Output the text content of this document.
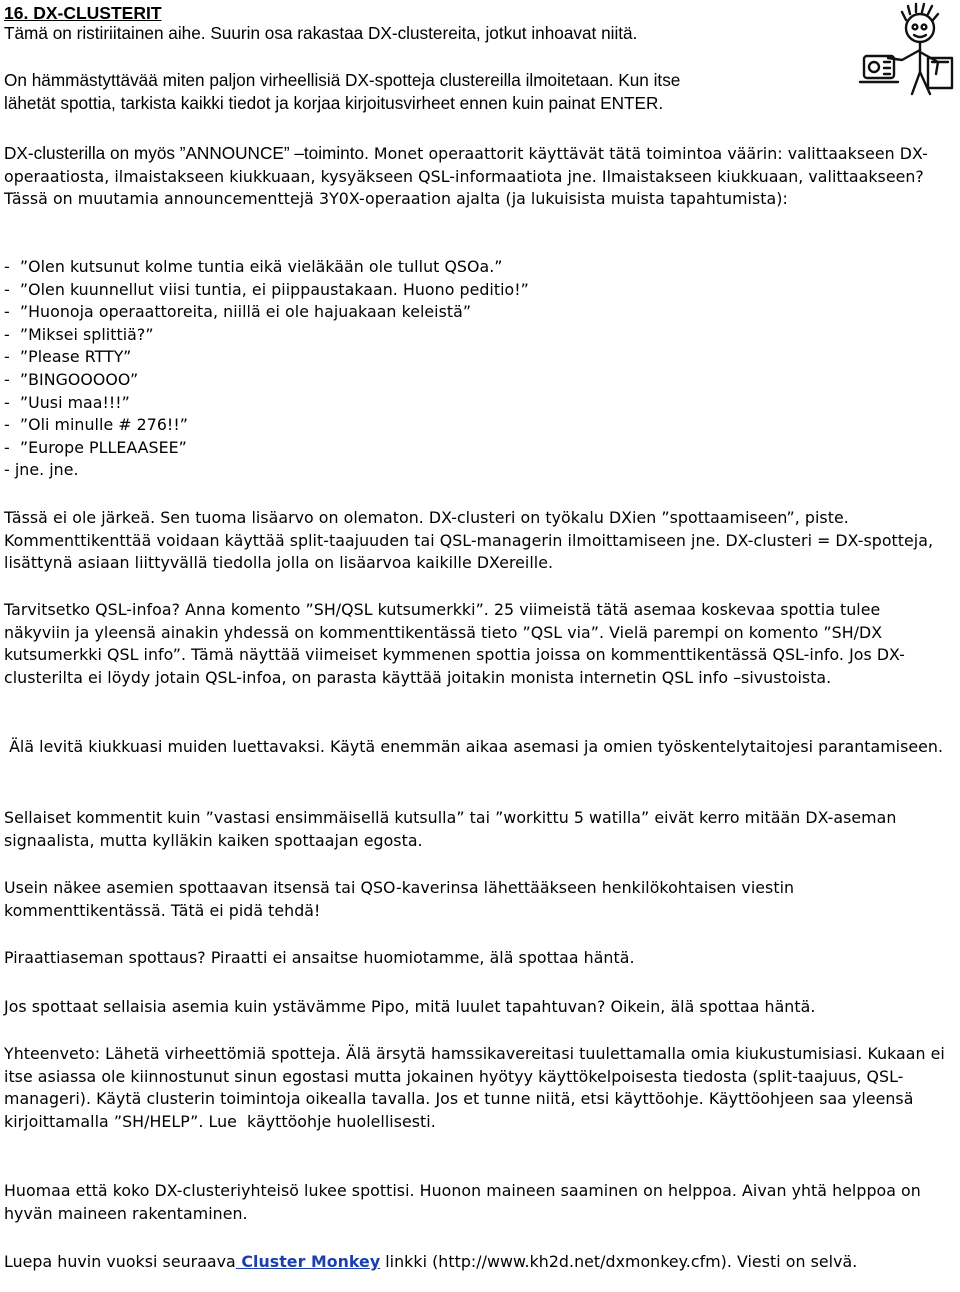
16. DX-CLUSTERIT

Tämä on ristiriitainen aihe. Suurin osa rakastaa DX-clustereita, jotkut inhoavat niitä.

On hämmästyttävää miten paljon virheellisiä DX-spotteja clustereilla ilmoitetaan. Kun itse

lähetät spottia, tarkista kaikki tiedot ja korjaa kirjoitusvirheet ennen kuin painat ENTER.

DX-clusterilla on myös ”ANNOUNCE” –toiminto. Monet operaattorit käyttävät tätä toimintoa väärin: valittaakseen DX-operaatiosta, ilmaistakseen kiukkuaan, kysyäkseen QSL-informaatiota jne. Ilmaistakseen kiukkuaan, valittaakseen? Tässä on muutamia announcementtejä 3Y0X-operaation ajalta (ja lukuisista muista tapahtumista):

-  ”Olen kutsunut kolme tuntia eikä vieläkään ole tullut QSOa.”

-  ”Olen kuunnellut viisi tuntia, ei piippaustakaan. Huono peditio!”

-  ”Huonoja operaattoreita, niillä ei ole hajuakaan keleistä”

-  ”Miksei splittiä?”

-  ”Please RTTY”

-  ”BINGOOOOO”

-  ”Uusi maa!!!”

-  ”Oli minulle # 276!!”

-  ”Europe PLLEAASEE”

- jne. jne.

Tässä ei ole järkeä. Sen tuoma lisäarvo on olematon. DX-clusteri on työkalu DXien ”spottaamiseen”, piste. Kommenttikenttää voidaan käyttää split-taajuuden tai QSL-managerin ilmoittamiseen jne. DX-clusteri = DX-spotteja, lisättynä asiaan liittyvällä tiedolla jolla on lisäarvoa kaikille DXereille.

Tarvitsetko QSL-infoa? Anna komento ”SH/QSL kutsumerkki”. 25 viimeistä tätä asemaa koskevaa spottia tulee näkyviin ja yleensä ainakin yhdessä on kommenttikentässä tieto ”QSL via”. Vielä parempi on komento ”SH/DX kutsumerkki QSL info”. Tämä näyttää viimeiset kymmenen spottia joissa on kommenttikentässä QSL-info. Jos DX-clusterilta ei löydy jotain QSL-infoa, on parasta käyttää joitakin monista internetin QSL info –sivustoista.

Älä levitä kiukkuasi muiden luettavaksi. Käytä enemmän aikaa asemasi ja omien työskentelytaitojesi parantamiseen.

Sellaiset kommentit kuin ”vastasi ensimmäisellä kutsulla” tai ”workittu 5 watilla” eivät kerro mitään DX-aseman signaalista, mutta kylläkin kaiken spottaajan egosta.

Usein näkee asemien spottaavan itsensä tai QSO-kaverinsa lähettääkseen henkilökohtaisen viestin kommenttikentässä. Tätä ei pidä tehdä!

Piraattiaseman spottaus? Piraatti ei ansaitse huomiotamme, älä spottaa häntä.

Jos spottaat sellaisia asemia kuin ystävämme Pipo, mitä luulet tapahtuvan? Oikein, älä spottaa häntä.

Yhteenveto: Lähetä virheettömiä spotteja. Älä ärsytä hamssikavereitasi tuulettamalla omia kiukustumisiasi. Kukaan ei itse asiassa ole kiinnostunut sinun egostasi mutta jokainen hyötyy käyttökelpoisesta tiedosta (split-taajuus, QSL-manageri). Käytä clusterin toimintoja oikealla tavalla. Jos et tunne niitä, etsi käyttöohje. Käyttöohjeen saa yleensä kirjoittamalla ”SH/HELP”. Lue  käyttöohje huolellisesti.

Huomaa että koko DX-clusteriyhteisö lukee spottisi. Huonon maineen saaminen on helppoa. Aivan yhtä helppoa on hyvän maineen rakentaminen.

Luepa huvin vuoksi seuraava Cluster Monkey linkki (http://www.kh2d.net/dxmonkey.cfm). Viesti on selvä.
